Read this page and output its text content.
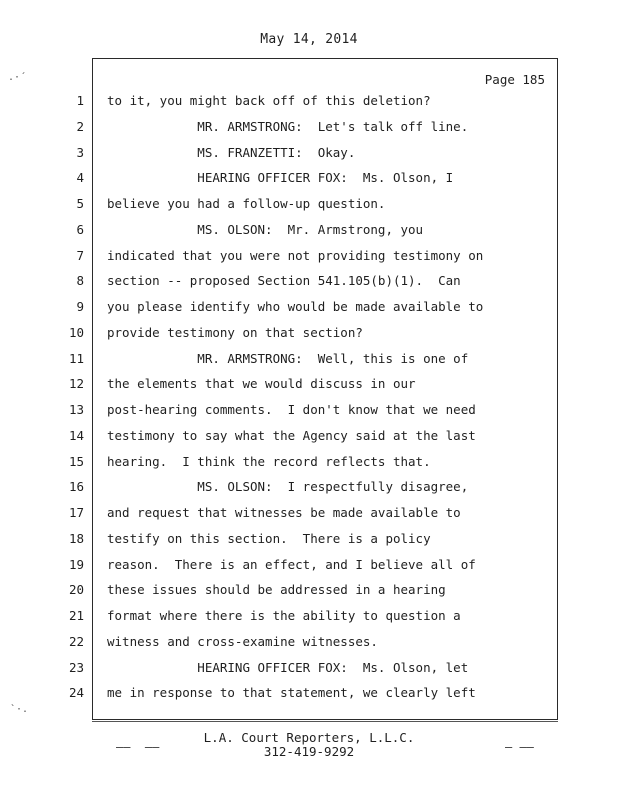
May 14, 2014
Page 185
1 to it, you might back off of this deletion?
2 MR. ARMSTRONG:  Let's talk off line.
3 MS. FRANZETTI:  Okay.
4 HEARING OFFICER FOX:  Ms. Olson, I
5 believe you had a follow-up question.
6 MS. OLSON:  Mr. Armstrong, you
7 indicated that you were not providing testimony on
8 section -- proposed Section 541.105(b)(1).  Can
9 you please identify who would be made available to
10 provide testimony on that section?
11 MR. ARMSTRONG:  Well, this is one of
12 the elements that we would discuss in our
13 post-hearing comments.  I don't know that we need
14 testimony to say what the Agency said at the last
15 hearing.  I think the record reflects that.
16 MS. OLSON:  I respectfully disagree,
17 and request that witnesses be made available to
18 testify on this section.  There is a policy
19 reason.  There is an effect, and I believe all of
20 these issues should be addressed in a hearing
21 format where there is the ability to question a
22 witness and cross-examine witnesses.
23 HEARING OFFICER FOX:  Ms. Olson, let
24 me in response to that statement, we clearly left
L.A. Court Reporters, L.L.C.
312-419-9292
——  ——	— ——
.·´
`·.
